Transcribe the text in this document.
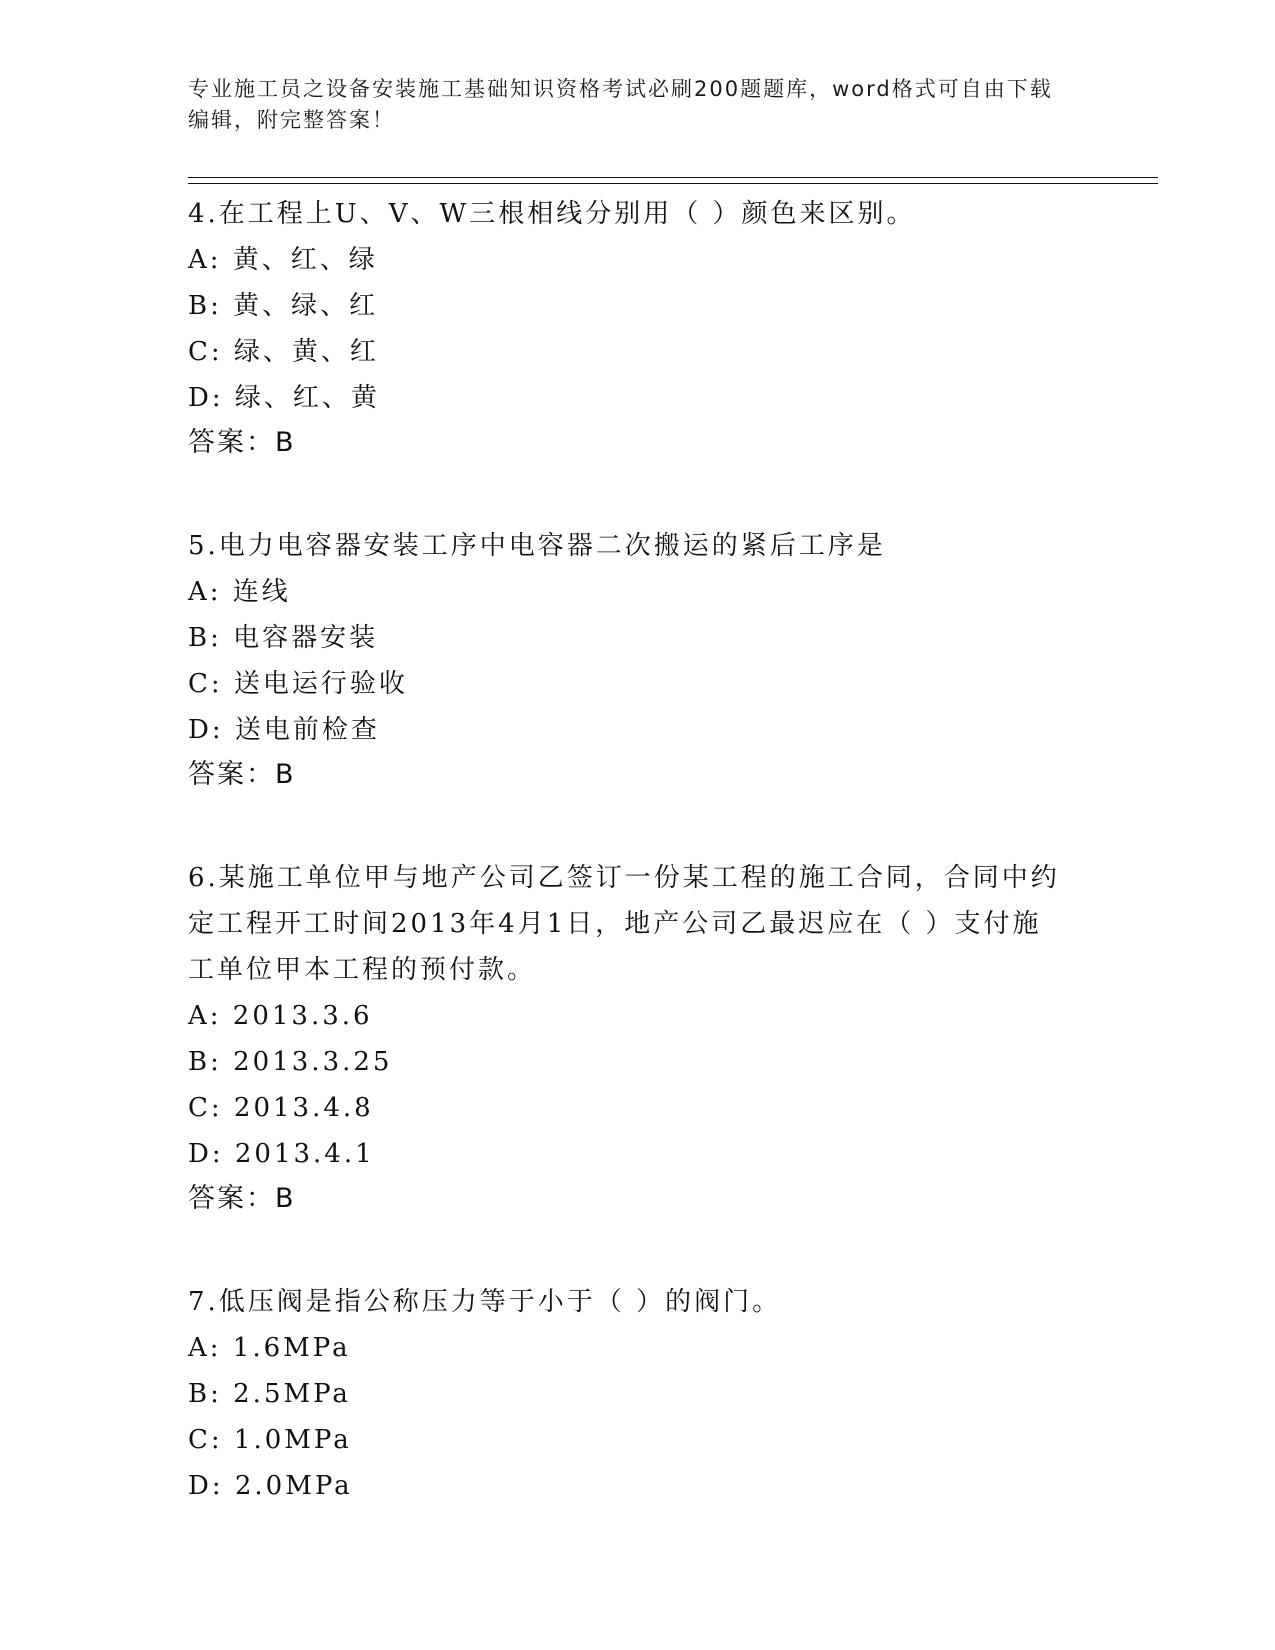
专业施工员之设备安装施工基础知识资格考试必刷200题题库，word格式可自由下载编辑，附完整答案！
4.在工程上U、V、W三根相线分别用（ ）颜色来区别。
A: 黄、红、绿
B: 黄、绿、红
C: 绿、黄、红
D: 绿、红、黄
答案：B
5.电力电容器安装工序中电容器二次搬运的紧后工序是
A: 连线
B: 电容器安装
C: 送电运行验收
D: 送电前检查
答案：B
6.某施工单位甲与地产公司乙签订一份某工程的施工合同，合同中约定工程开工时间2013年4月1日，地产公司乙最迟应在（ ）支付施工单位甲本工程的预付款。
A: 2013.3.6
B: 2013.3.25
C: 2013.4.8
D: 2013.4.1
答案：B
7.低压阀是指公称压力等于小于（ ）的阀门。
A: 1.6MPa
B: 2.5MPa
C: 1.0MPa
D: 2.0MPa
